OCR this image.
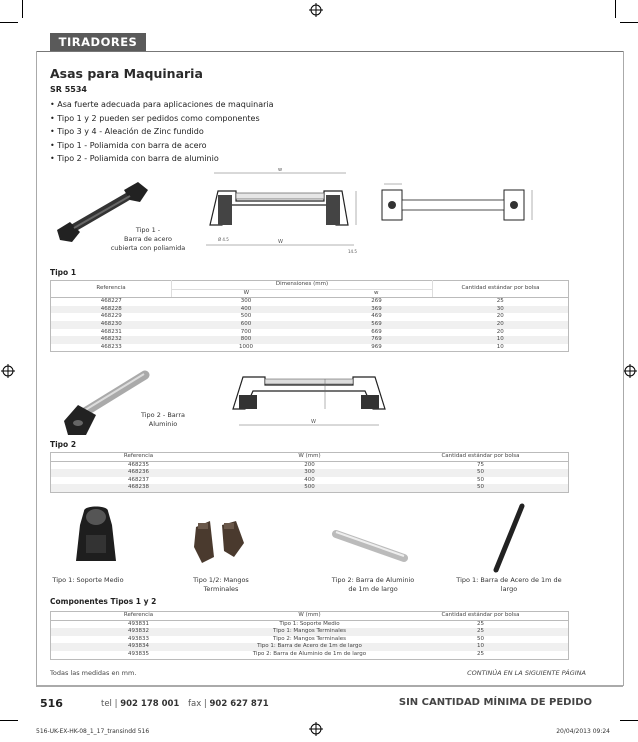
TIRADORES
Asas para Maquinaria
SR 5534
• Asa fuerte adecuada para aplicaciones de maquinaria
• Tipo 1 y 2 pueden ser pedidos como componentes
• Tipo 3 y 4 - Aleación de Zinc fundido
• Tipo 1 - Poliamida con barra de acero
• Tipo 2 - Poliamida con barra de aluminio
Tipo 1 -
Barra de acero
cubierta con poliamida
w
W
Ø 4.5
14.5
Tipo 1
Referencia	Dimensiones (mm)		Cantidad estándar por bolsa
	W	w	
468227	300	269	25
468228	400	369	30
468229	500	469	20
468230	600	569	20
468231	700	669	20
468232	800	769	10
468233	1000	969	10
Tipo 2 - Barra
Aluminio	W
Tipo 2
Referencia	W (mm)	Cantidad estándar por bolsa
468235	200	75
468236	300	50
468237	400	50
468238	500	50
Tipo 1: Soporte Medio	Tipo 1/2: Mangos
Terminales
Tipo 2: Barra de Aluminio
de 1m de largo
Tipo 1: Barra de Acero de 1m de largo
Componentes Tipos 1 y 2
Referencia	W (mm)	Cantidad estándar por bolsa
493831	Tipo 1: Soporte Medio	25
493832	Tipo 1: Mangos Terminales	25
493833	Tipo 2: Mangos Terminales	50
493834	Tipo 1: Barra de Acero de 1m de largo	10
493835	Tipo 2: Barra de Aluminio de 1m de largo	25
Todas las medidas en mm.	CONTINÚA EN LA SIGUIENTE PÁGINA
516	tel | 902 178 001 fax | 902 627 871	SIN CANTIDAD MÍNIMA DE PEDIDO
516-UK-EX-HK-08_1_17_transindd 516	20/04/2013 09:24
